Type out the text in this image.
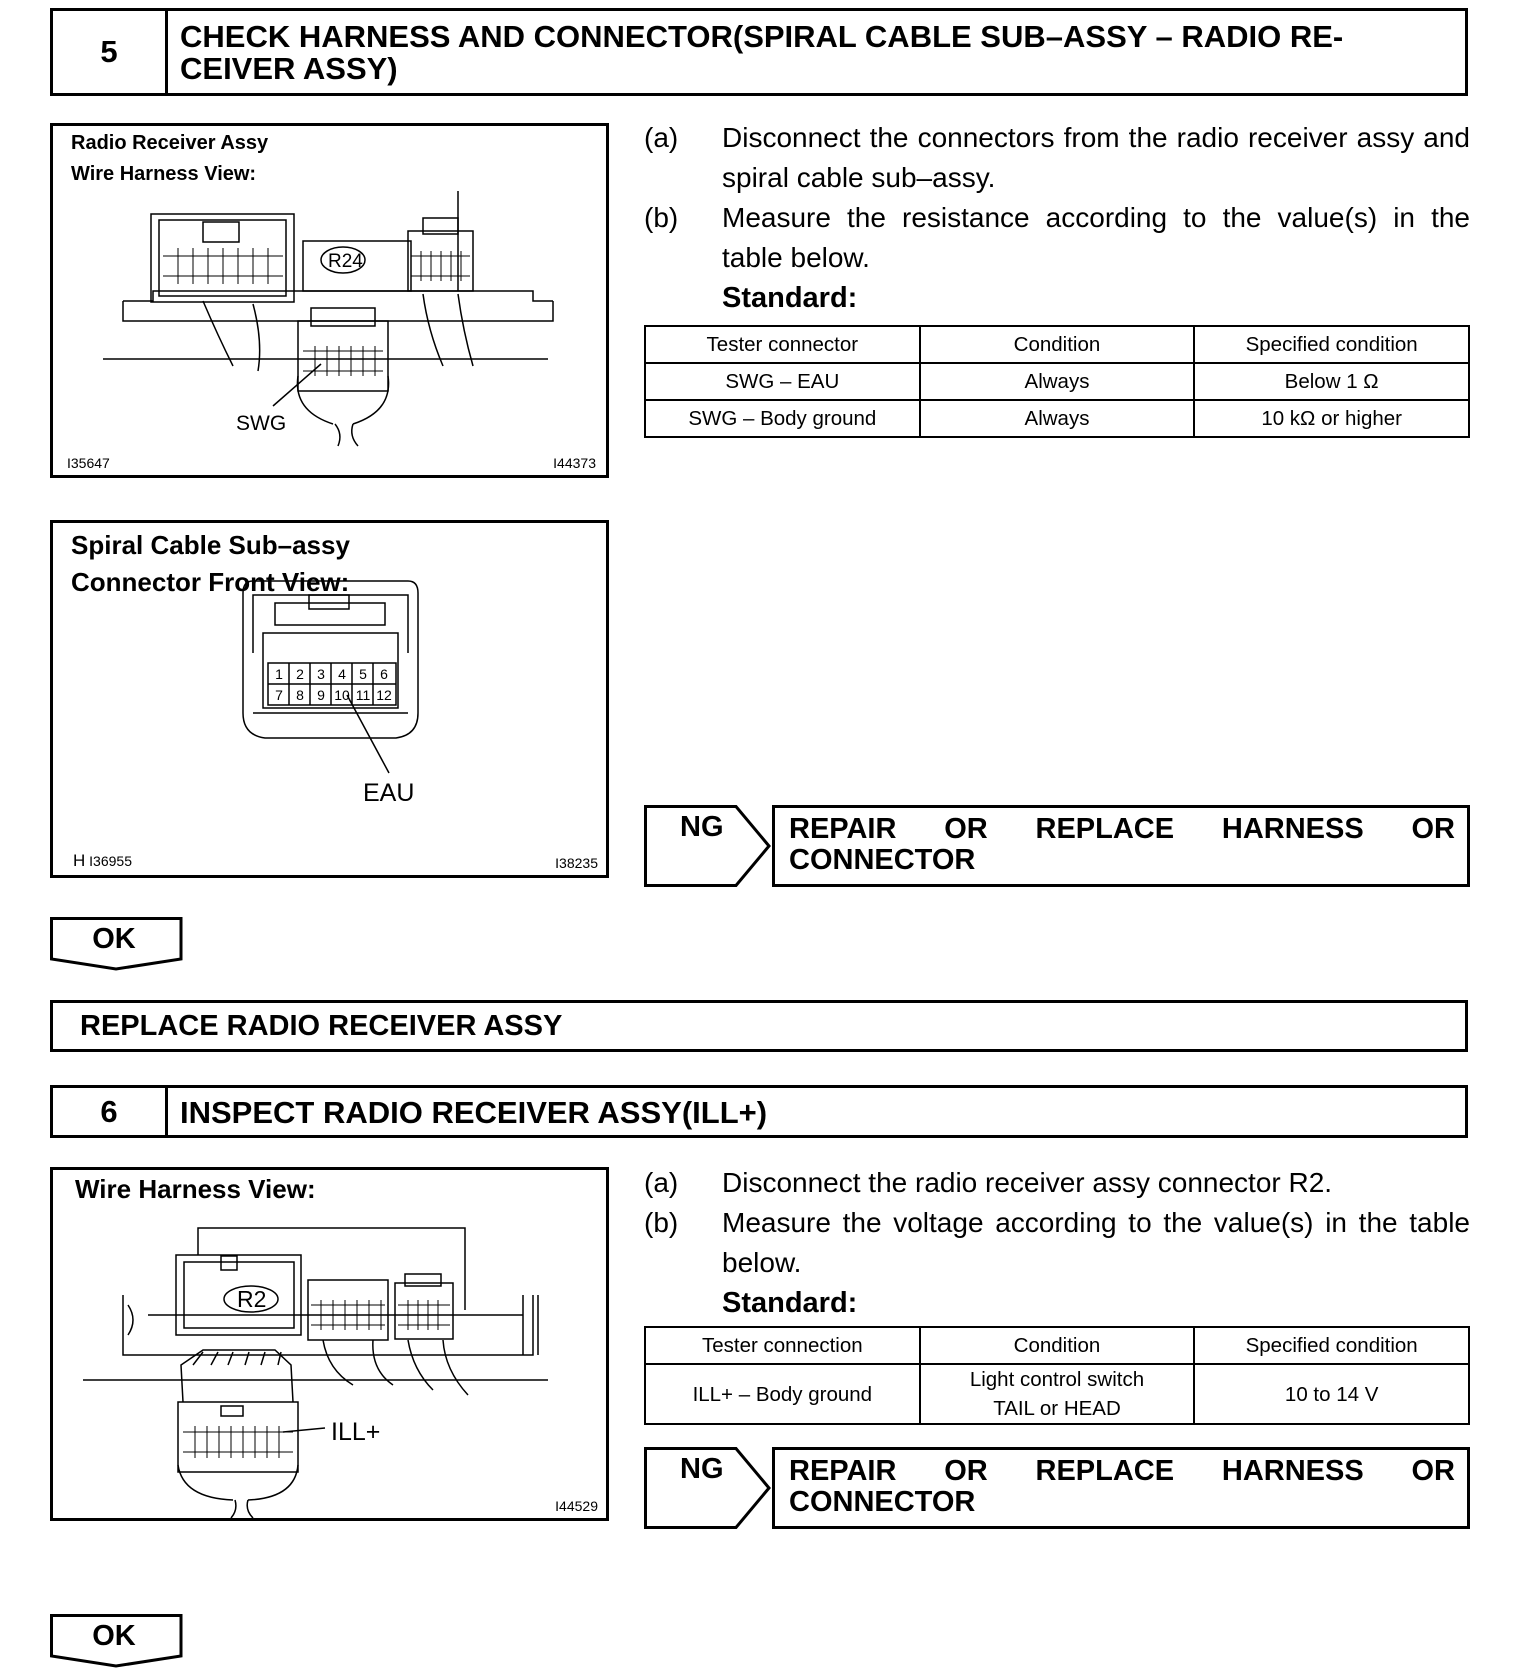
5	CHECK HARNESS AND CONNECTOR(SPIRAL CABLE SUB–ASSY – RADIO RE- CEIVER ASSY)
R24
SWG
Radio Receiver Assy
Wire Harness View:
I35647	I44373
1 2 3 4 5 6
7 8 9 10 11 12
EAU
Spiral Cable Sub–assy
Connector Front View:
H I36955	I38235
(a)	Disconnect the connectors from the radio receiver assy and spiral cable sub–assy.
(b)	Measure the resistance according to the value(s) in the table below.
Standard:
Tester connector	Condition	Specified condition
SWG – EAU	Always	Below 1 Ω
SWG – Body ground	Always	10 kΩ or higher
NG	REPAIR OR REPLACE HARNESS OR
CONNECTOR
OK
REPLACE RADIO RECEIVER ASSY
6	INSPECT RADIO RECEIVER ASSY(ILL+)
R2
ILL+
Wire Harness View:
I44529
(a)	Disconnect the radio receiver assy connector R2.
(b)	Measure the voltage according to the value(s) in the table below.
Standard:
Tester connection	Condition	Specified condition
ILL+ – Body ground	Light control switch TAIL or HEAD	10 to 14 V
NG	REPAIR OR REPLACE HARNESS OR
CONNECTOR
OK
